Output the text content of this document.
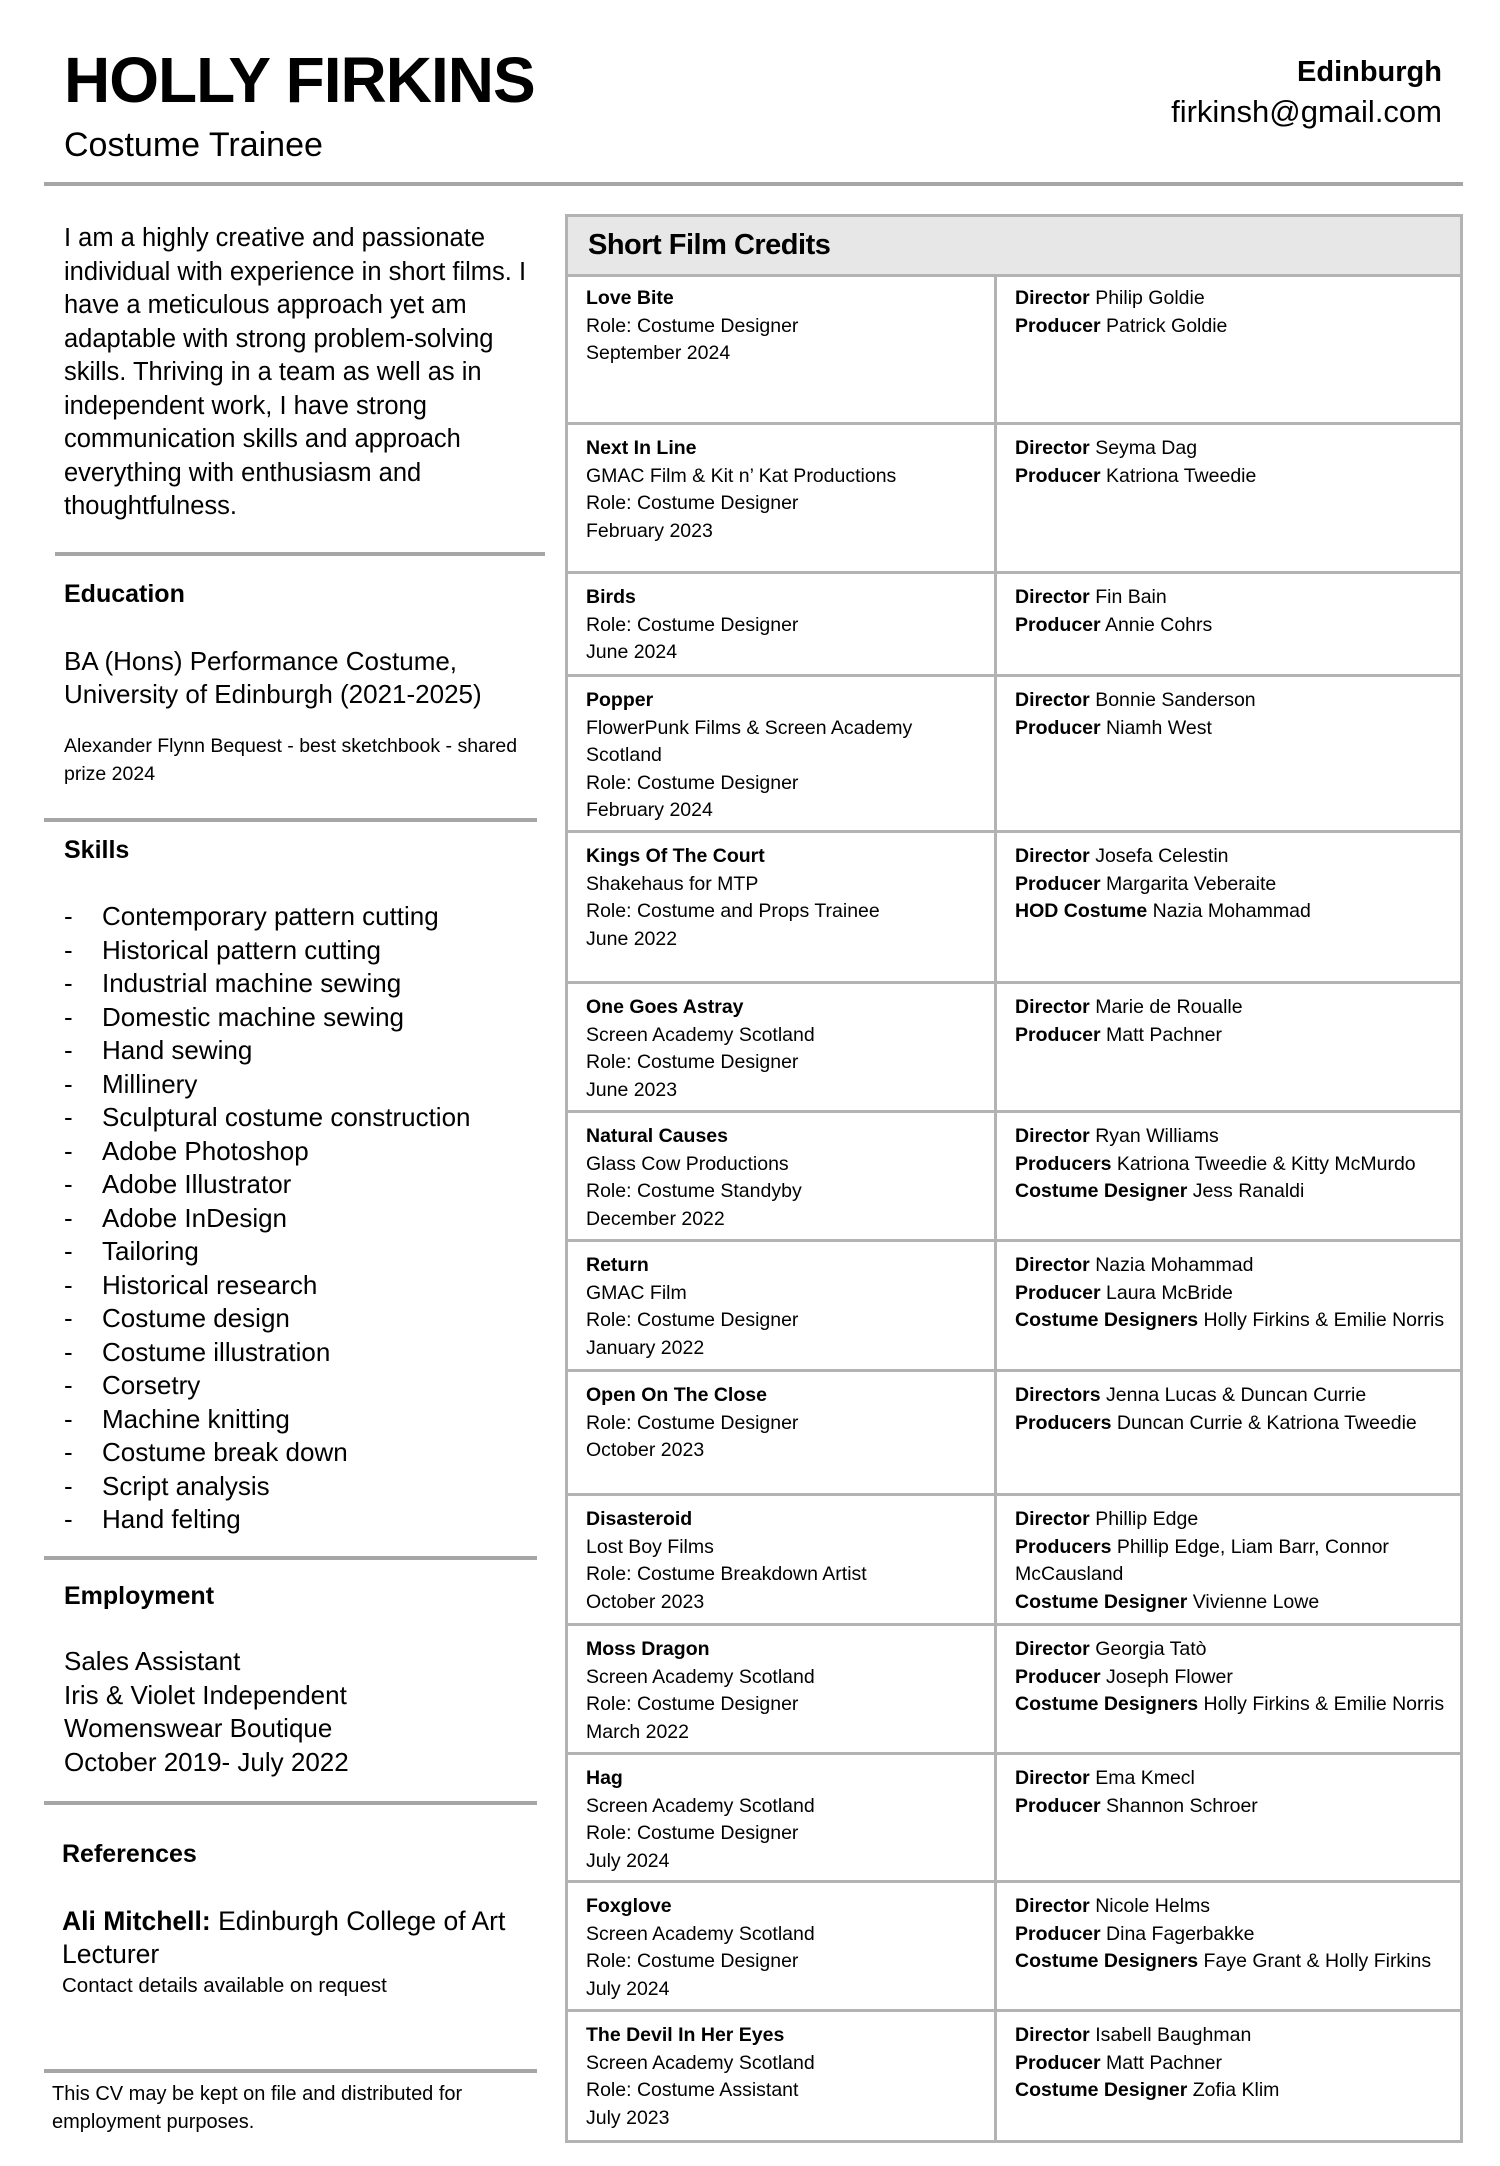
HOLLY FIRKINS
Costume Trainee
Edinburgh
firkinsh@gmail.com
I am a highly creative and passionate individual with experience in short films. I have a meticulous approach yet am adaptable with strong problem-solving skills. Thriving in a team as well as in independent work, I have strong communication skills and approach everything with enthusiasm and thoughtfulness.
Education
BA (Hons) Performance Costume, University of Edinburgh (2021-2025)
Alexander Flynn Bequest - best sketchbook - shared prize 2024
Skills
- Contemporary pattern cutting
- Historical pattern cutting
- Industrial machine sewing
- Domestic machine sewing
- Hand sewing
- Millinery
- Sculptural costume construction
- Adobe Photoshop
- Adobe Illustrator
- Adobe InDesign
- Tailoring
- Historical research
- Costume design
- Costume illustration
- Corsetry
- Machine knitting
- Costume break down
- Script analysis
- Hand felting
Employment
Sales Assistant
Iris & Violet Independent
Womenswear Boutique
October 2019- July 2022
References
Ali Mitchell: Edinburgh College of Art Lecturer
Contact details available on request
This CV may be kept on file and distributed for employment purposes.
Short Film Credits
Love Bite
Role: Costume Designer
September 2024
Director Philip Goldie
Producer Patrick Goldie
Next In Line
GMAC Film & Kit n’ Kat Productions
Role: Costume Designer
February 2023
Director Seyma Dag
Producer Katriona Tweedie
Birds
Role: Costume Designer
June 2024
Director Fin Bain
Producer Annie Cohrs
Popper
FlowerPunk Films & Screen Academy Scotland
Role: Costume Designer
February 2024
Director Bonnie Sanderson
Producer Niamh West
Kings Of The Court
Shakehaus for MTP
Role: Costume and Props Trainee
June 2022
Director Josefa Celestin
Producer Margarita Veberaite
HOD Costume Nazia Mohammad
One Goes Astray
Screen Academy Scotland
Role: Costume Designer
June 2023
Director Marie de Roualle
Producer Matt Pachner
Natural Causes
Glass Cow Productions
Role: Costume Standyby
December 2022
Director Ryan Williams
Producers Katriona Tweedie & Kitty McMurdo
Costume Designer Jess Ranaldi
Return
GMAC Film
Role: Costume Designer
January 2022
Director Nazia Mohammad
Producer Laura McBride
Costume Designers Holly Firkins & Emilie Norris
Open On The Close
Role: Costume Designer
October 2023
Directors Jenna Lucas & Duncan Currie
Producers Duncan Currie & Katriona Tweedie
Disasteroid
Lost Boy Films
Role: Costume Breakdown Artist
October 2023
Director Phillip Edge
Producers Phillip Edge, Liam Barr, Connor McCausland
Costume Designer Vivienne Lowe
Moss Dragon
Screen Academy Scotland
Role: Costume Designer
March 2022
Director Georgia Tatò
Producer Joseph Flower
Costume Designers Holly Firkins & Emilie Norris
Hag
Screen Academy Scotland
Role: Costume Designer
July 2024
Director Ema Kmecl
Producer Shannon Schroer
Foxglove
Screen Academy Scotland
Role: Costume Designer
July 2024
Director Nicole Helms
Producer Dina Fagerbakke
Costume Designers Faye Grant & Holly Firkins
The Devil In Her Eyes
Screen Academy Scotland
Role: Costume Assistant
July 2023
Director Isabell Baughman
Producer Matt Pachner
Costume Designer Zofia Klim
